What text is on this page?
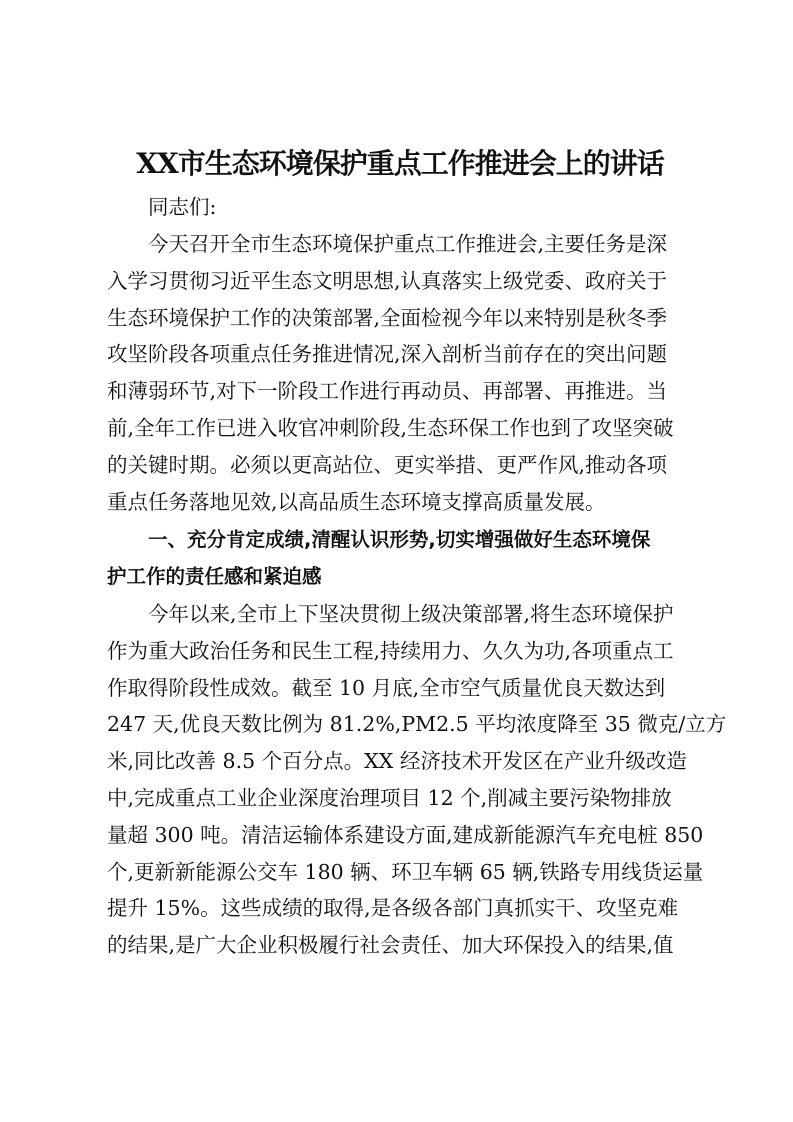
XX市生态环境保护重点工作推进会上的讲话
同志们:
今天召开全市生态环境保护重点工作推进会,主要任务是深
入学习贯彻习近平生态文明思想,认真落实上级党委、政府关于
生态环境保护工作的决策部署,全面检视今年以来特别是秋冬季
攻坚阶段各项重点任务推进情况,深入剖析当前存在的突出问题
和薄弱环节,对下一阶段工作进行再动员、再部署、再推进。当
前,全年工作已进入收官冲刺阶段,生态环保工作也到了攻坚突破
的关键时期。必须以更高站位、更实举措、更严作风,推动各项
重点任务落地见效,以高品质生态环境支撑高质量发展。
一、充分肯定成绩,清醒认识形势,切实增强做好生态环境保
护工作的责任感和紧迫感
今年以来,全市上下坚决贯彻上级决策部署,将生态环境保护
作为重大政治任务和民生工程,持续用力、久久为功,各项重点工
作取得阶段性成效。截至 10 月底,全市空气质量优良天数达到
247 天,优良天数比例为 81.2%,PM2.5 平均浓度降至 35 微克/立方
米,同比改善 8.5 个百分点。XX 经济技术开发区在产业升级改造
中,完成重点工业企业深度治理项目 12 个,削减主要污染物排放
量超 300 吨。清洁运输体系建设方面,建成新能源汽车充电桩 850
个,更新新能源公交车 180 辆、环卫车辆 65 辆,铁路专用线货运量
提升 15%。这些成绩的取得,是各级各部门真抓实干、攻坚克难
的结果,是广大企业积极履行社会责任、加大环保投入的结果,值
